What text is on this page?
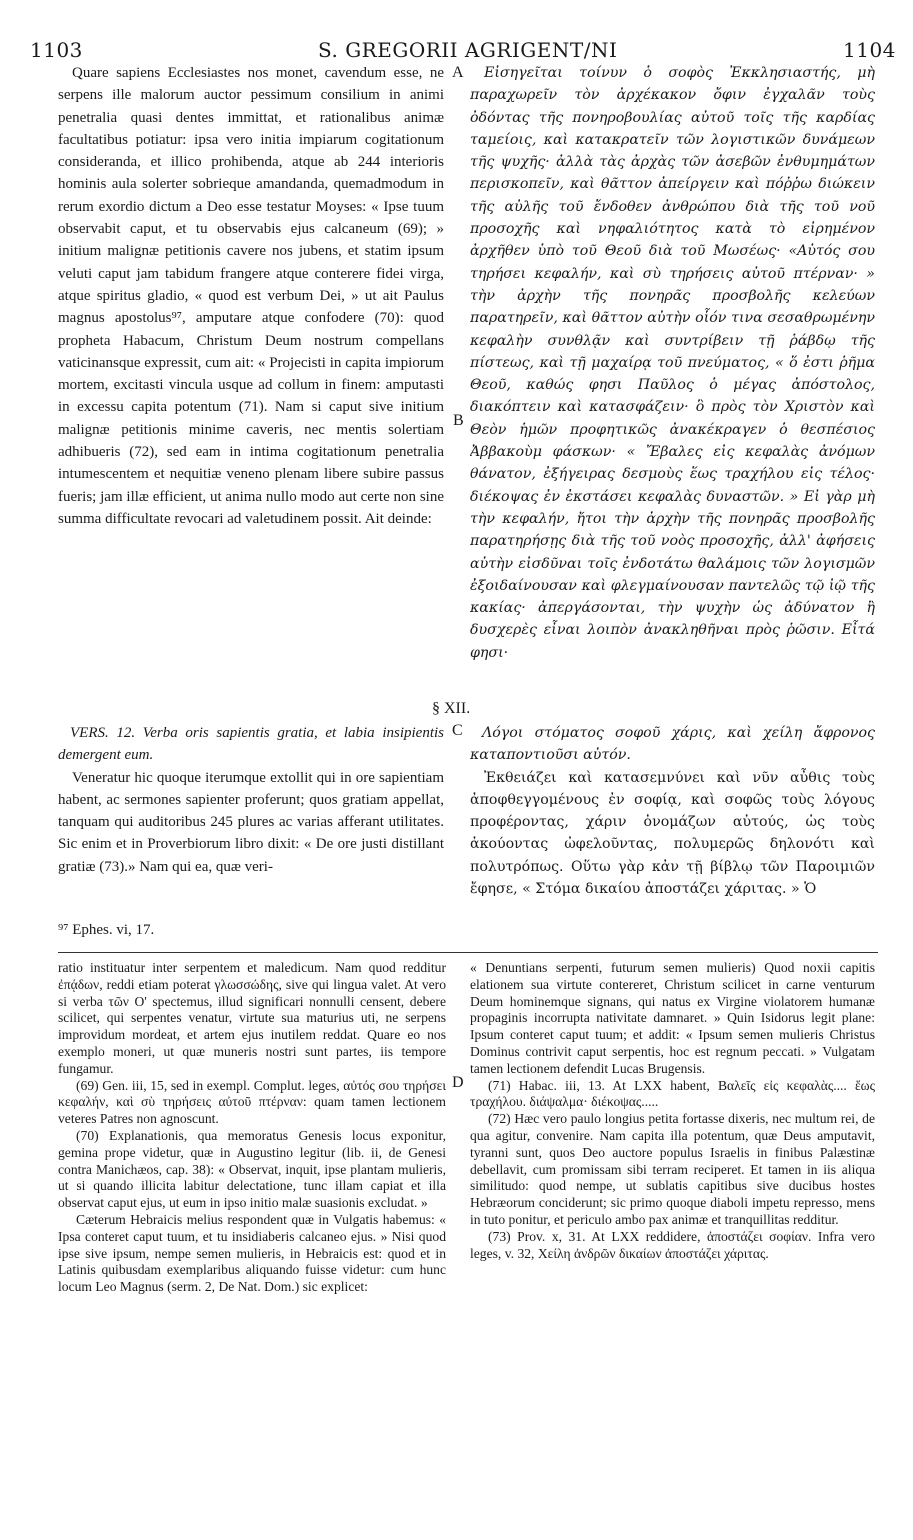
1103	S. GREGORII AGRIGENT/NI	1104

Quare sapiens Ecclesiastes nos monet, cavendum esse, ne serpens ille malorum auctor pessimum consilium in animi penetralia quasi dentes immittat, et rationalibus animæ facultatibus potiatur: ipsa vero initia impiarum cogitationum consideranda, et illico prohibenda, atque ab 244 interioris hominis aula solerter sobrieque amandanda, quemadmodum in rerum exordio dictum a Deo esse testatur Moyses: « Ipse tuum observabit caput, et tu observabis ejus calcaneum (69); » initium malignæ petitionis cavere nos jubens, et statim ipsum veluti caput jam tabidum frangere atque conterere fidei virga, atque spiritus gladio, « quod est verbum Dei, » ut ait Paulus magnus apostolus⁹⁷, amputare atque confodere (70): quod propheta Habacum, Christum Deum nostrum compellans vaticinansque expressit, cum ait: « Projecisti in capita impiorum mortem, excitasti vincula usque ad collum in finem: amputasti in excessu capita potentum (71). Nam si caput sive initium malignæ petitionis minime caveris, nec mentis solertiam adhibueris (72), sed eam in intima cogitationum penetralia intumescentem et nequitiæ veneno plenam libere subire passus fueris; jam illæ efficient, ut anima nullo modo aut certe non sine summa difficultate revocari ad valetudinem possit. Ait deinde:

Εἰσηγεῖται τοίνυν ὁ σοφὸς Ἐκκλησιαστής, μὴ παραχωρεῖν τὸν ἀρχέκακον ὄφιν ἐγχαλᾶν τοὺς ὀδόντας τῆς πονηροβουλίας αὐτοῦ τοῖς τῆς καρδίας ταμείοις, καὶ κατακρατεῖν τῶν λογιστικῶν δυνάμεων τῆς ψυχῆς· ἀλλὰ τὰς ἀρχὰς τῶν ἀσεβῶν ἐνθυμημάτων περισκοπεῖν, καὶ θᾶττον ἀπείργειν καὶ πόῤῥω διώκειν τῆς αὐλῆς τοῦ ἔνδοθεν ἀνθρώπου διὰ τῆς τοῦ νοῦ προσοχῆς καὶ νηφαλιότητος κατὰ τὸ εἰρημένον ἀρχῆθεν ὑπὸ τοῦ Θεοῦ διὰ τοῦ Μωσέως· «Αὐτός σου τηρήσει κεφαλήν, καὶ σὺ τηρήσεις αὐτοῦ πτέρναν· » τὴν ἀρχὴν τῆς πονηρᾶς προσβολῆς κελεύων παρατηρεῖν, καὶ θᾶττον αὐτὴν οἷόν τινα σεσαθρωμένην κεφαλὴν συνθλᾷν καὶ συντρίβειν τῇ ῥάβδῳ τῆς πίστεως, καὶ τῇ μαχαίρᾳ τοῦ πνεύματος, « ὅ ἐστι ῥῆμα Θεοῦ, καθώς φησι Παῦλος ὁ μέγας ἀπόστολος, διακόπτειν καὶ κατασφάζειν· ὃ πρὸς τὸν Χριστὸν καὶ Θεὸν ἡμῶν προφητικῶς ἀνακέκραγεν ὁ θεσπέσιος Ἀββακοὺμ φάσκων· « Ἔβαλες εἰς κεφαλὰς ἀνόμων θάνατον, ἐξήγειρας δεσμοὺς ἕως τραχήλου εἰς τέλος· διέκοψας ἐν ἐκστάσει κεφαλὰς δυναστῶν. » Εἰ γὰρ μὴ τὴν κεφαλήν, ἤτοι τὴν ἀρχὴν τῆς πονηρᾶς προσβολῆς παρατηρήσῃς διὰ τῆς τοῦ νοὸς προσοχῆς, ἀλλ' ἀφήσεις αὐτὴν εἰσδῦναι τοῖς ἐνδοτάτω θαλάμοις τῶν λογισμῶν ἐξοιδαίνουσαν καὶ φλεγμαίνουσαν παντελῶς τῷ ἰῷ τῆς κακίας· ἀπεργάσονται, τὴν ψυχὴν ὡς ἀδύνατον ἢ δυσχερὲς εἶναι λοιπὸν ἀνακληθῆναι πρὸς ῥῶσιν. Εἶτά φησι·

A
B
C
D
§ XII.

VERS. 12. Verba oris sapientis gratia, et labia insipientis demergent eum.

Veneratur hic quoque iterumque extollit qui in ore sapientiam habent, ac sermones sapienter proferunt; quos gratiam appellat, tanquam qui auditoribus 245 plures ac varias afferant utilitates. Sic enim et in Proverbiorum libro dixit: « De ore justi distillant gratiæ (73).» Nam qui ea, quæ veri-

Λόγοι στόματος σοφοῦ χάρις, καὶ χείλη ἄφρονος καταποντιοῦσι αὐτόν.

Ἐκθειάζει καὶ κατασεμνύνει καὶ νῦν αὖθις τοὺς ἀποφθεγγομένους ἐν σοφίᾳ, καὶ σοφῶς τοὺς λόγους προφέροντας, χάριν ὀνομάζων αὐτούς, ὡς τοὺς ἀκούοντας ὠφελοῦντας, πολυμερῶς δηλονότι καὶ πολυτρόπως. Οὕτω γὰρ κἀν τῇ βίβλῳ τῶν Παροιμιῶν ἔφησε, « Στόμα δικαίου ἀποστάζει χάριτας. » Ὁ

⁹⁷ Ephes. vi, 17.

ratio instituatur inter serpentem et maledicum. Nam quod redditur ἐπᾴδων, reddi etiam poterat γλωσσώδης, sive qui lingua valet. At vero si verba τῶν Ο' spectemus, illud significari nonnulli censent, debere scilicet, qui serpentes venatur, virtute sua maturius uti, ne serpens improvidum mordeat, et artem ejus inutilem reddat. Quare eo nos exemplo moneri, ut quæ muneris nostri sunt partes, iis tempore fungamur.

(69) Gen. iii, 15, sed in exempl. Complut. leges, αὐτός σου τηρήσει κεφαλήν, καὶ σὺ τηρήσεις αὐτοῦ πτέρναν: quam tamen lectionem veteres Patres non agnoscunt.

(70) Explanationis, qua memoratus Genesis locus exponitur, gemina prope videtur, quæ in Augustino legitur (lib. ii, de Genesi contra Manichæos, cap. 38): « Observat, inquit, ipse plantam mulieris, ut si quando illicita labitur delectatione, tunc illam capiat et illa observat caput ejus, ut eum in ipso initio malæ suasionis excludat. »

Cæterum Hebraicis melius respondent quæ in Vulgatis habemus: « Ipsa conteret caput tuum, et tu insidiaberis calcaneo ejus. » Nisi quod ipse sive ipsum, nempe semen mulieris, in Hebraicis est: quod et in Latinis quibusdam exemplaribus aliquando fuisse videtur: cum hunc locum Leo Magnus (serm. 2, De Nat. Dom.) sic explicet:

« Denuntians serpenti, futurum semen mulieris) Quod noxii capitis elationem sua virtute contereret, Christum scilicet in carne venturum Deum hominemque signans, qui natus ex Virgine violatorem humanæ propaginis incorrupta nativitate damnaret. » Quin Isidorus legit plane: Ipsum conteret caput tuum; et addit: « Ipsum semen mulieris Christus Dominus contrivit caput serpentis, hoc est regnum peccati. » Vulgatam tamen lectionem defendit Lucas Brugensis.

(71) Habac. iii, 13. At LXX habent, Βαλεῖς εἰς κεφαλὰς.... ἕως τραχήλου. διάψαλμα· διέκοψας.....

(72) Hæc vero paulo longius petita fortasse dixeris, nec multum rei, de qua agitur, convenire. Nam capita illa potentum, quæ Deus amputavit, tyranni sunt, quos Deo auctore populus Israelis in finibus Palæstinæ debellavit, cum promissam sibi terram reciperet. Et tamen in iis aliqua similitudo: quod nempe, ut sublatis capitibus sive ducibus hostes Hebræorum conciderunt; sic primo quoque diaboli impetu represso, mens in tuto ponitur, et periculo ambo pax animæ et tranquillitas redditur.

(73) Prov. x, 31. At LXX reddidere, ἀποστάζει σοφίαν. Infra vero leges, v. 32, Χείλη ἀνδρῶν δικαίων ἀποστάζει χάριτας.
